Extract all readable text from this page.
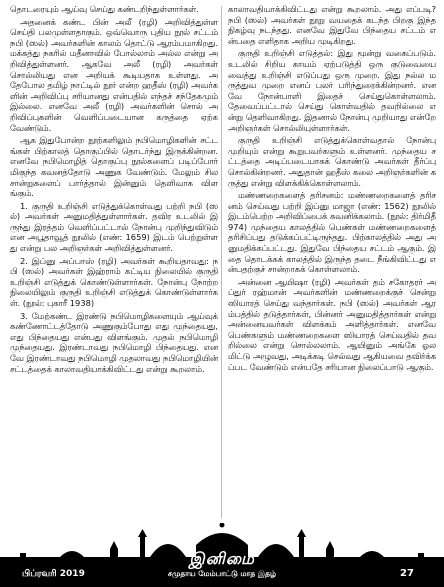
தொடரையும் ஆய்வு செய்து கண்டறிந்துள்ளார்கள்.

அதனைக் கண்ட பின் அலீ (ரழி) அறிவித்துள்ள செய்தி பலமுள்ளதாகும். ஒவ்வொரு புதிய நூல் சட்டம் நபி (ஸல்) அவர்களின் காலம் தொட்டு ஆரம்பமாகிறது. மக்கத்து நகரில் மதீனாவில் போல்லாம் அல்ல என்று அறிவித்துள்ளனர். ஆகவே அலீ (ரழி) அவர்கள் சொல்லியது என அறியக் கூடியதாக உள்ளது. அதேபோல தமிழ் நாட்டில் நூர் என்ற ஹதீஸ் (ரழி) அவர்களின் அறிவிப்பு சரியானது என்பதில் எந்தச் சந்தேகமும் இல்லை. எனவே அலீ (ரழி) அவர்களின் சொல் அறிவிப்புகளின் வெளிப்படையான கருத்தை ஏற்க வேண்டும்.

ஆக இதுபோன்ற நூற்களிலும் நபிமொழிகளின் சட்டங்கள் பிற்காலத் தொகுப்பில் தொடர்ந்து இருக்கின்றன. எனவே நபிமொழித் தொகுப்பு நூல்களைப் படிப்போர் மிகுந்த கவனத்தோடு அணுக வேண்டும். மேலும் சில சான்றுகளைப் பார்த்தால் இன்னும் தெளிவாக விளங்கும்.

1. குருதி உறிஞ்சி எடுத்துக்கொள்வது பற்றி நபி (ஸல்) அவர்கள் அனுமதித்துள்ளார்கள். தவிர உடலில் இருந்து இரத்தம் வெளிப்பட்டால் நோன்பு முறிந்துவிடும் என அபூதாவூத் நூலில் (எண்: 1659) இடம் பெற்றுள்ளது என்று பல அறிஞர்கள் அறிவித்துள்ளனர்.

2. இப்னு அப்பாஸ் (ரழி) அவர்கள் கூறியதாவது: நபி (ஸல்) அவர்கள் இஹ்ராம் கட்டிய நிலையில் குருதி உறிஞ்சி எடுத்துக் கொண்டுள்ளார்கள். நோன்பு நோற்ற நிலையிலும் குருதி உறிஞ்சி எடுத்துக் கொண்டுள்ளார்கள். (நூல்: புகாரீ 1938)

3. மேற்கண்ட இரண்டு நபிமொழிகளையும் ஆய்வுக் கண்ணோட்டத்தோடு அணுகும்போது எது முந்தையது, எது பிந்தையது என்பது விளங்கும். முதல் நபிமொழி முந்தையது. இரண்டாவது நபிமொழி பிந்தையது. எனவே இரண்டாவது நபிமொழி முதலாவது நபிமொழியின் சட்டத்தைக் காலாவதியாக்கிவிட்டது என்று கூறலாம்.

காலாவதியாக்கிவிட்டது என்று கூறலாம். அது எப்படி? நபி (ஸல்) அவர்கள் நூறு வயதைக் கடந்த பிறகு இந்த நிகழ்வு நடந்தது. எனவே இதுவே பிந்தைய சட்டம் என்பதை எளிதாக அறிய முடிகிறது.

குருதி உறிஞ்சி எடுத்தல்: இது மூன்று வகைப்படும். உடலில் சிறிய காயம் ஏற்படுத்தி ஒரு குடுவையை வைத்து உறிஞ்சி எடுப்பது ஒரு முறை. இது நல்ல மருத்துவ முறை எனப் பலர் பரிந்துரைக்கின்றனர். எனவே நோன்பாளி இதைச் செய்துகொள்ளலாம். தேவைப்பட்டால் செய்து கொள்வதில் தவறில்லை என்று தெளிவாகிறது. இதனால் நோன்பு முறியாது என்றே அறிஞர்கள் சொல்லியுள்ளார்கள்.

குருதி உறிஞ்சி எடுத்துக்கொள்வதால் நோன்பு முறியும் என்று கூறுபவர்களும் உள்ளனர். முந்தைய சட்டத்தை அடிப்படையாகக் கொண்டு அவர்கள் தீர்ப்பு சொல்கின்றனர். அதுதான் ஹதீஸ் கலை அறிஞர்களின் கருத்து என்று விளக்கிக்கொள்ளலாம்.

மண்ணறைகளைத் தரிசனம்: மண்ணறைகளைத் தரிசனம் செய்வது பற்றி இப்னு மாஜா (எண்: 1562) நூலில் இடம்பெற்ற அறிவிப்பைக் கவனிக்கலாம். (நூல்: திர்மிதீ 974) முந்தைய காலத்தில் பெண்கள் மண்ணறைகளைத் தரிசிப்பது தடுக்கப்பட்டிருந்தது. பிற்காலத்தில் அது அனுமதிக்கப்பட்டது. இதுவே பிந்தைய சட்டம் ஆகும். இதை தொடக்கக் காலத்தில் இருந்த தடை நீங்கிவிட்டது என்பதற்குச் சான்றாகக் கொள்ளலாம்.

அன்னை ஆயிஷா (ரழி) அவர்கள் தம் சகோதரர் அப்துர் ரஹ்மான் அவர்களின் மண்ணறைக்குச் சென்று ஸியாரத் செய்து வந்தார்கள். நபி (ஸல்) அவர்கள் ஆரம்பத்தில் தடுத்தார்கள், பின்னர் அனுமதித்தார்கள் என்று அன்னையவர்கள் விளக்கம் அளித்தார்கள். எனவே பெண்களும் மண்ணறைகளை ஸியாரத் செய்வதில் தவறில்லை என்று சொல்லலாம். ஆயினும் அங்கே ஓலமிட்டு அழுவது, அடிக்கடி செல்வது ஆகியவை தவிர்க்கப்பட வேண்டும் என்பதே சரியான நிலைப்பாடு ஆகும்.

பிப்ரவரி 2019
இனிமை
சமுதாய மேம்பாட்டு மாத இதழ்	27
